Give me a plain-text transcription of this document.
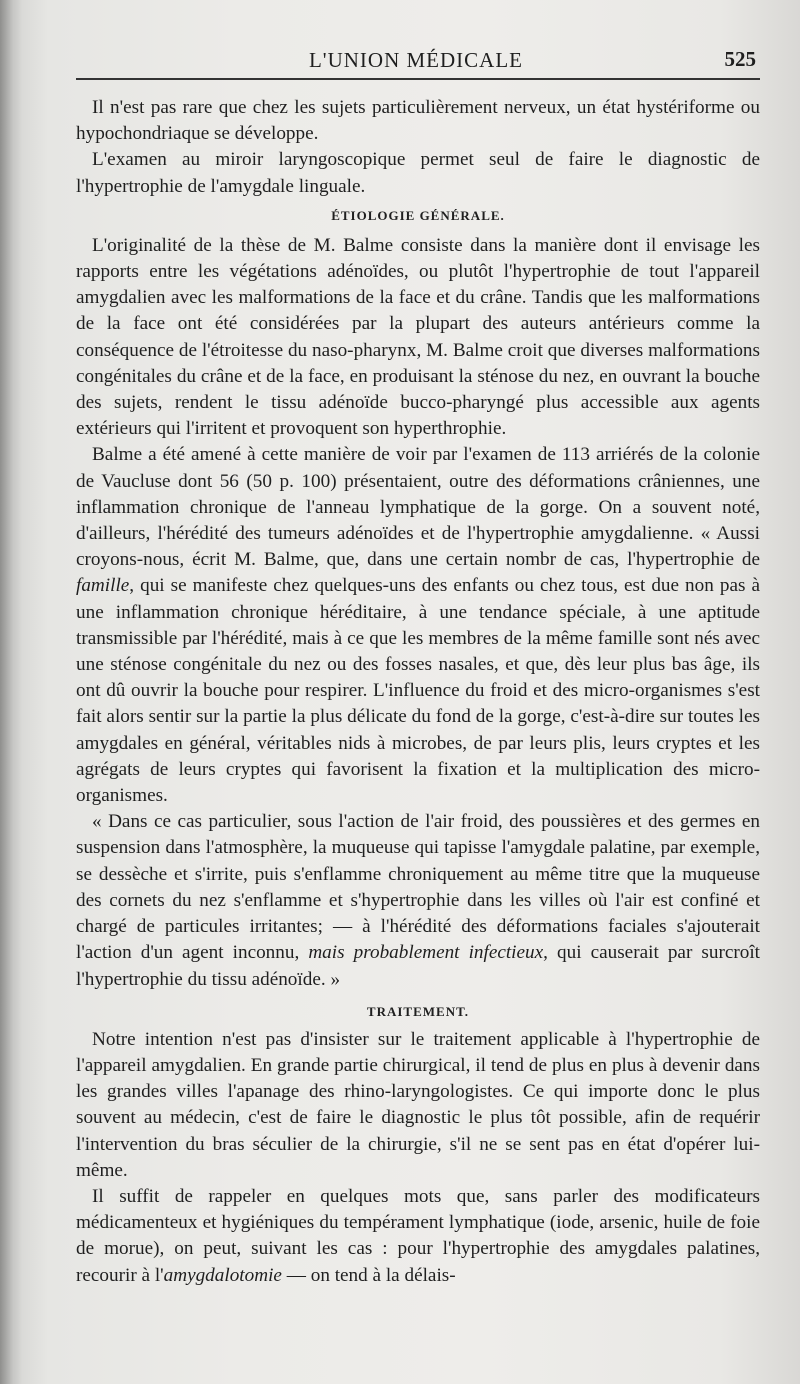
L'UNION MÉDICALE	525

Il n'est pas rare que chez les sujets particulièrement nerveux, un état hystériforme ou hypochondriaque se développe.

L'examen au miroir laryngoscopique permet seul de faire le diagnostic de l'hypertrophie de l'amygdale linguale.

ÉTIOLOGIE GÉNÉRALE.

L'originalité de la thèse de M. Balme consiste dans la manière dont il envisage les rapports entre les végétations adénoïdes, ou plutôt l'hypertrophie de tout l'appareil amygdalien avec les malformations de la face et du crâne. Tandis que les malformations de la face ont été considérées par la plupart des auteurs antérieurs comme la conséquence de l'étroitesse du naso-pharynx, M. Balme croit que diverses malformations congénitales du crâne et de la face, en produisant la sténose du nez, en ouvrant la bouche des sujets, rendent le tissu adénoïde bucco-pharyngé plus accessible aux agents extérieurs qui l'irritent et provoquent son hyperthrophie.

Balme a été amené à cette manière de voir par l'examen de 113 arriérés de la colonie de Vaucluse dont 56 (50 p. 100) présentaient, outre des déformations crâniennes, une inflammation chronique de l'anneau lymphatique de la gorge. On a souvent noté, d'ailleurs, l'hérédité des tumeurs adénoïdes et de l'hypertrophie amygdalienne. « Aussi croyons-nous, écrit M. Balme, que, dans une certain nombr de cas, l'hypertrophie de famille, qui se manifeste chez quelques-uns des enfants ou chez tous, est due non pas à une inflammation chronique héréditaire, à une tendance spéciale, à une aptitude transmissible par l'hérédité, mais à ce que les membres de la même famille sont nés avec une sténose congénitale du nez ou des fosses nasales, et que, dès leur plus bas âge, ils ont dû ouvrir la bouche pour respirer. L'influence du froid et des micro-organismes s'est fait alors sentir sur la partie la plus délicate du fond de la gorge, c'est-à-dire sur toutes les amygdales en général, véritables nids à microbes, de par leurs plis, leurs cryptes et les agrégats de leurs cryptes qui favorisent la fixation et la multiplication des micro-organismes.

« Dans ce cas particulier, sous l'action de l'air froid, des poussières et des germes en suspension dans l'atmosphère, la muqueuse qui tapisse l'amygdale palatine, par exemple, se dessèche et s'irrite, puis s'enflamme chroniquement au même titre que la muqueuse des cornets du nez s'enflamme et s'hypertrophie dans les villes où l'air est confiné et chargé de particules irritantes; — à l'hérédité des déformations faciales s'ajouterait l'action d'un agent inconnu, mais probablement infectieux, qui causerait par surcroît l'hypertrophie du tissu adénoïde. »

TRAITEMENT.

Notre intention n'est pas d'insister sur le traitement applicable à l'hypertrophie de l'appareil amygdalien. En grande partie chirurgical, il tend de plus en plus à devenir dans les grandes villes l'apanage des rhino-laryngologistes. Ce qui importe donc le plus souvent au médecin, c'est de faire le diagnostic le plus tôt possible, afin de requérir l'intervention du bras séculier de la chirurgie, s'il ne se sent pas en état d'opérer lui-même.

Il suffit de rappeler en quelques mots que, sans parler des modificateurs médicamenteux et hygiéniques du tempérament lymphatique (iode, arsenic, huile de foie de morue), on peut, suivant les cas : pour l'hypertrophie des amygdales palatines, recourir à l'amygdalotomie — on tend à la délais-
